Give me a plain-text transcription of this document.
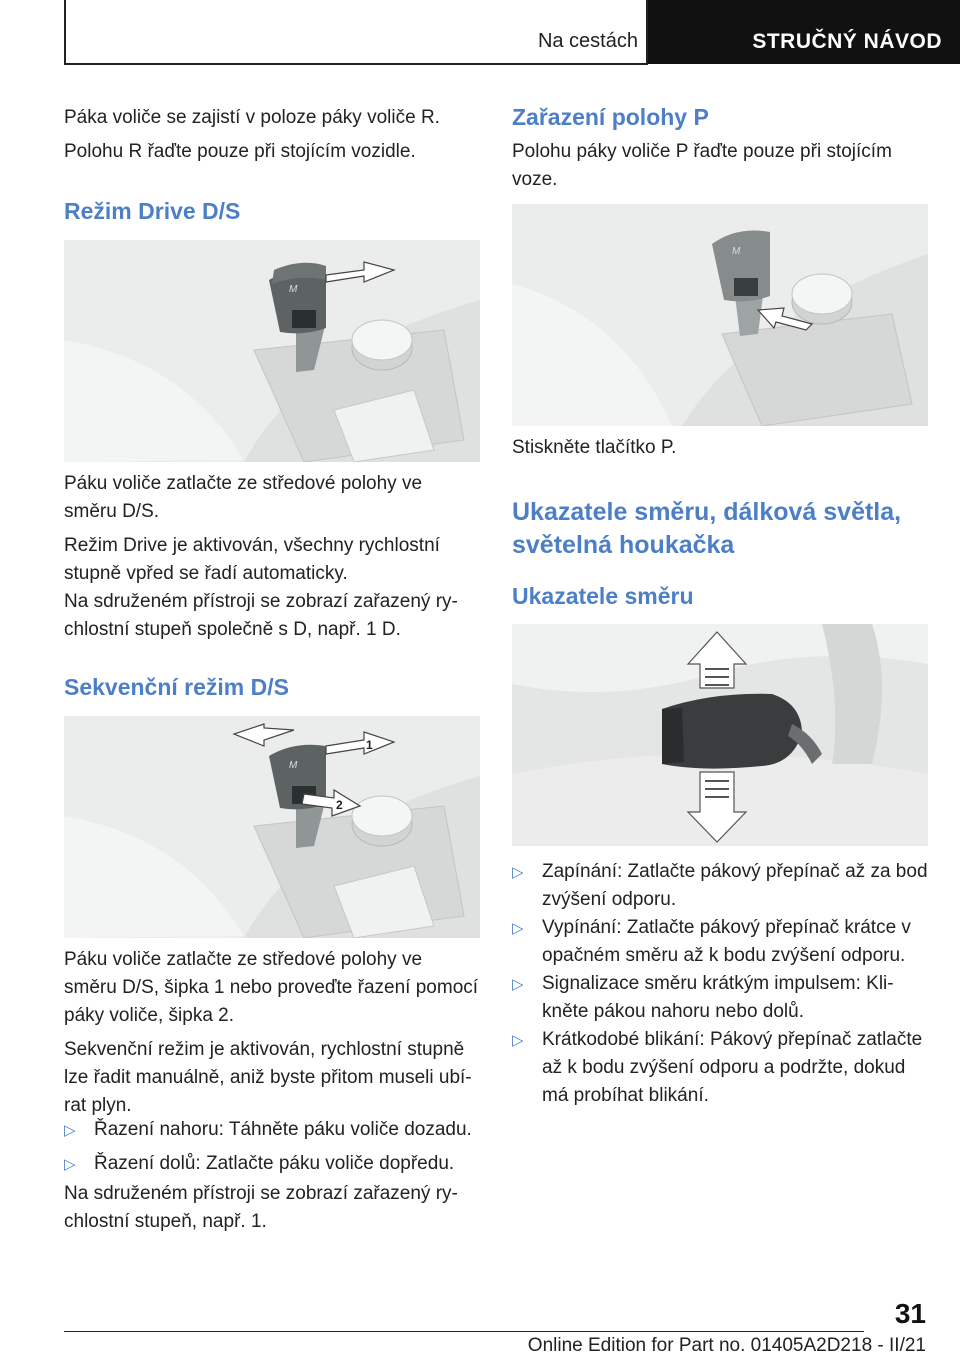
Na cestách	STRUČNÝ NÁVOD

Páka voliče se zajistí v poloze páky voliče R.

Polohu R řaďte pouze při stojícím vozidle.

Režim Drive D/S
M

Páku voliče zatlačte ze středové polohy ve směru D/S.

Režim Drive je aktivován, všechny rychlostní stupně vpřed se řadí automaticky.

Na sdruženém přístroji se zobrazí zařazený ry‐chlostní stupeň společně s D, např. 1 D.

Sekvenční režim D/S
M
1
2

Páku voliče zatlačte ze středové polohy ve směru D/S, šipka 1 nebo proveďte řazení pomocí páky voliče, šipka 2.

Sekvenční režim je aktivován, rychlostní stupně lze řadit manuálně, aniž byste přitom museli ubí‐rat plyn.

▷ Řazení nahoru: Táhněte páku voliče dozadu.

▷ Řazení dolů: Zatlačte páku voliče dopředu.

Na sdruženém přístroji se zobrazí zařazený ry‐chlostní stupeň, např. 1.

Zařazení polohy P

Polohu páky voliče P řaďte pouze při stojícím voze.

M

Stiskněte tlačítko P.

Ukazatele směru, dálková světla, světelná houkačka
Ukazatele směru
▷ Zapínání: Zatlačte pákový přepínač až za bod zvýšení odporu.

▷ Vypínání: Zatlačte pákový přepínač krátce v opačném směru až k bodu zvýšení odporu.

▷ Signalizace směru krátkým impulsem: Kli‐kněte pákou nahoru nebo dolů.

▷ Krátkodobé blikání: Pákový přepínač zatlačte až k bodu zvýšení odporu a podržte, dokud má probíhat blikání.

31
Online Edition for Part no. 01405A2D218 - II/21
